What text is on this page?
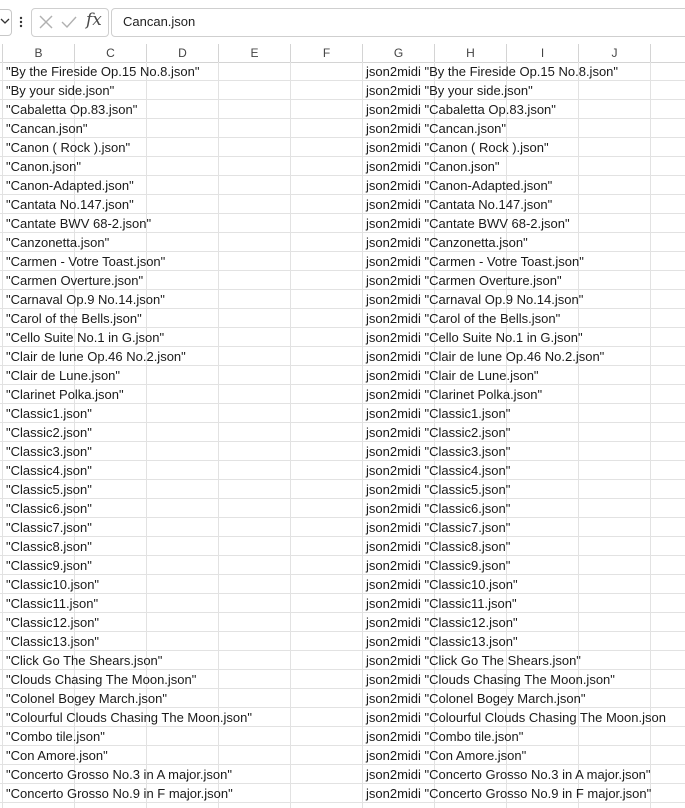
fx Cancan.json
B	C	D	E	F	G	H	I	J
"By the Fireside Op.15 No.8.json"	json2midi "By the Fireside Op.15 No.8.json"
"By your side.json"	json2midi "By your side.json"
"Cabaletta Op.83.json"	json2midi "Cabaletta Op.83.json"
"Cancan.json"	json2midi "Cancan.json"
"Canon ( Rock ).json"	json2midi "Canon ( Rock ).json"
"Canon.json"	json2midi "Canon.json"
"Canon-Adapted.json"	json2midi "Canon-Adapted.json"
"Cantata No.147.json"	json2midi "Cantata No.147.json"
"Cantate BWV 68-2.json"	json2midi "Cantate BWV 68-2.json"
"Canzonetta.json"	json2midi "Canzonetta.json"
"Carmen - Votre Toast.json"	json2midi "Carmen - Votre Toast.json"
"Carmen Overture.json"	json2midi "Carmen Overture.json"
"Carnaval Op.9 No.14.json"	json2midi "Carnaval Op.9 No.14.json"
"Carol of the Bells.json"	json2midi "Carol of the Bells.json"
"Cello Suite No.1 in G.json"	json2midi "Cello Suite No.1 in G.json"
"Clair de lune Op.46 No.2.json"	json2midi "Clair de lune Op.46 No.2.json"
"Clair de Lune.json"	json2midi "Clair de Lune.json"
"Clarinet Polka.json"	json2midi "Clarinet Polka.json"
"Classic1.json"	json2midi "Classic1.json"
"Classic2.json"	json2midi "Classic2.json"
"Classic3.json"	json2midi "Classic3.json"
"Classic4.json"	json2midi "Classic4.json"
"Classic5.json"	json2midi "Classic5.json"
"Classic6.json"	json2midi "Classic6.json"
"Classic7.json"	json2midi "Classic7.json"
"Classic8.json"	json2midi "Classic8.json"
"Classic9.json"	json2midi "Classic9.json"
"Classic10.json"	json2midi "Classic10.json"
"Classic11.json"	json2midi "Classic11.json"
"Classic12.json"	json2midi "Classic12.json"
"Classic13.json"	json2midi "Classic13.json"
"Click Go The Shears.json"	json2midi "Click Go The Shears.json"
"Clouds Chasing The Moon.json"	json2midi "Clouds Chasing The Moon.json"
"Colonel Bogey March.json"	json2midi "Colonel Bogey March.json"
"Colourful Clouds Chasing The Moon.json"	json2midi "Colourful Clouds Chasing The Moon.json
"Combo tile.json"	json2midi "Combo tile.json"
"Con Amore.json"	json2midi "Con Amore.json"
"Concerto Grosso No.3 in A major.json"	json2midi "Concerto Grosso No.3 in A major.json"
"Concerto Grosso No.9 in F major.json"	json2midi "Concerto Grosso No.9 in F major.json"
